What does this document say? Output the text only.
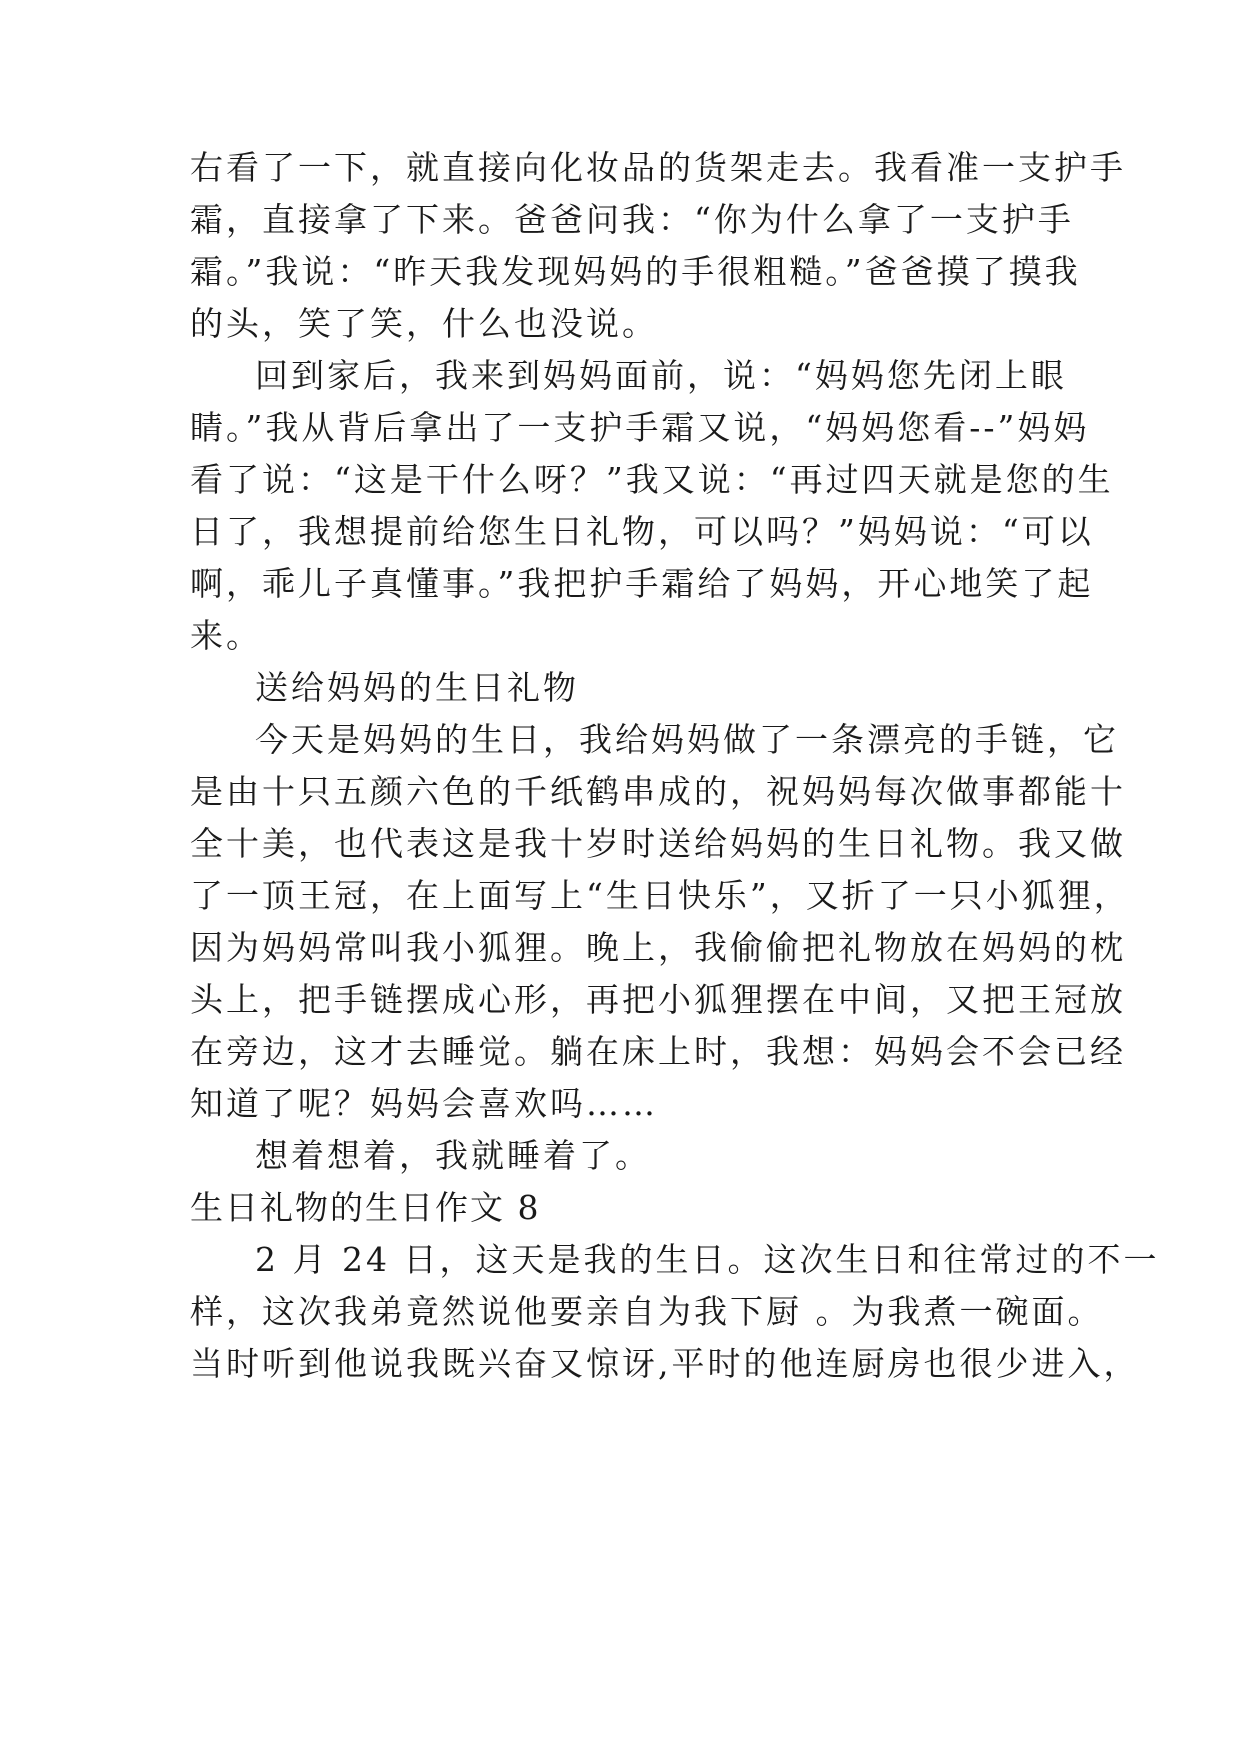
右看了一下，就直接向化妆品的货架走去。我看准一支护手
霜，直接拿了下来。爸爸问我：“你为什么拿了一支护手
霜。”我说：“昨天我发现妈妈的手很粗糙。”爸爸摸了摸我
的头，笑了笑，什么也没说。
回到家后，我来到妈妈面前，说：“妈妈您先闭上眼
睛。”我从背后拿出了一支护手霜又说，“妈妈您看--”妈妈
看了说：“这是干什么呀？”我又说：“再过四天就是您的生
日了，我想提前给您生日礼物，可以吗？”妈妈说：“可以
啊，乖儿子真懂事。”我把护手霜给了妈妈，开心地笑了起
来。
送给妈妈的生日礼物
今天是妈妈的生日，我给妈妈做了一条漂亮的手链，它
是由十只五颜六色的千纸鹤串成的，祝妈妈每次做事都能十
全十美，也代表这是我十岁时送给妈妈的生日礼物。我又做
了一顶王冠，在上面写上“生日快乐”，又折了一只小狐狸，
因为妈妈常叫我小狐狸。晚上，我偷偷把礼物放在妈妈的枕
头上，把手链摆成心形，再把小狐狸摆在中间，又把王冠放
在旁边，这才去睡觉。躺在床上时，我想：妈妈会不会已经
知道了呢？妈妈会喜欢吗……
想着想着，我就睡着了。
生日礼物的生日作文 8
2 月 24 日，这天是我的生日。这次生日和往常过的不一
样，这次我弟竟然说他要亲自为我下厨 。为我煮一碗面。
当时听到他说我既兴奋又惊讶,平时的他连厨房也很少进入，
